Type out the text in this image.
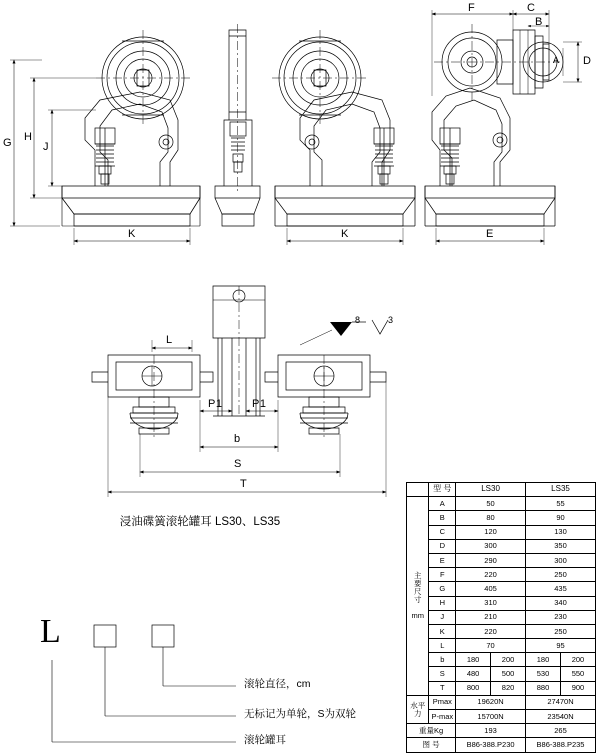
G H
J
K	K	E
F	C
B
D
A
L
P1	P1
b
S
T
8	3
浸油碟簧滚轮罐耳 LS30、LS35
L
滚轮直径，cm
无标记为单轮，S为双轮
滚轮罐耳
	型 号	LS30		LS35	
主
要
尺
寸

mm	A	50		55	
	B	80		90	
	C	120		130	
	D	300		350	
	E	290		300	
	F	220		250	
	G	405		435	
	H	310		340	
	J	210		230	
	K	220		250	
	L	70		95	
	b	180	200	180	200
	S	480	500	530	550
	T	800	820	880	900
水平力	Pmax	19620N		27470N	
	P-max	15700N		23540N	
重量Kg		193		265	
图 号		B86-388.P230		B86-388.P235	
